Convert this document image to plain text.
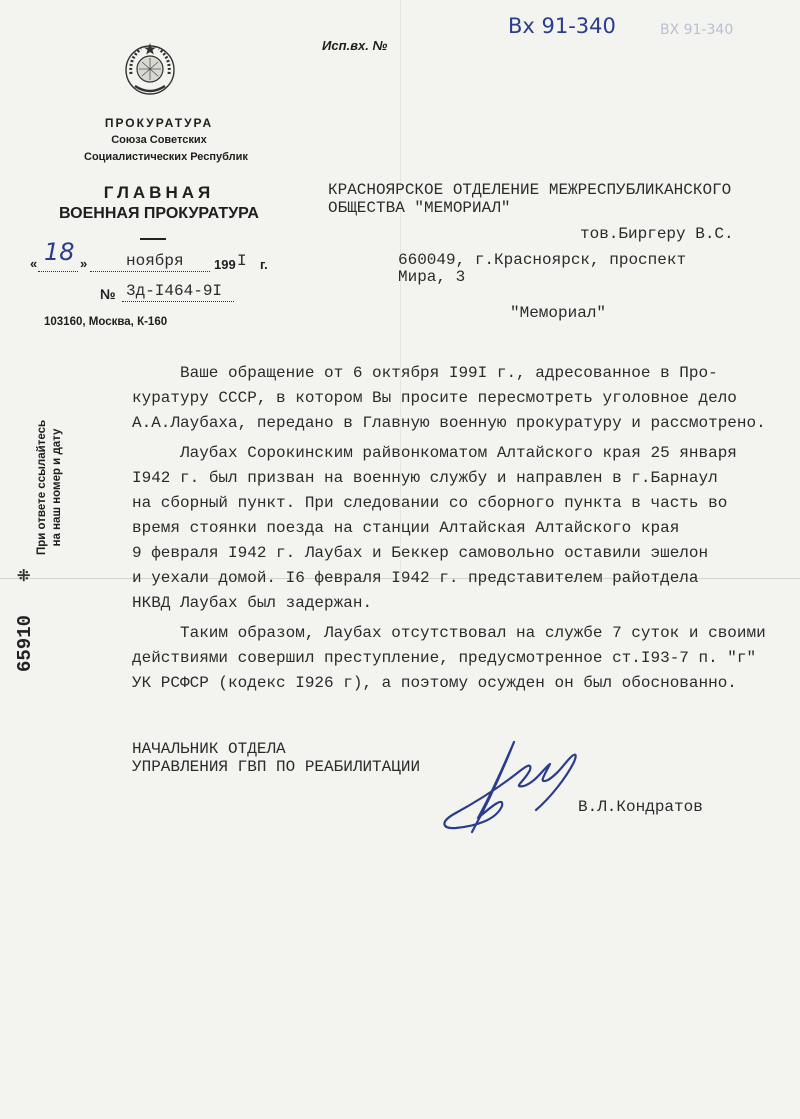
ПРОКУРАТУРА
Союза Советских
Социалистических Республик
ГЛАВНАЯ
ВОЕННАЯ ПРОКУРАТУРА
« 18 » ноября 199 I г.
№ 3д-I464-9I
103160, Москва, К-160
Исп.вх. №
Вх 91-340	ВХ 91-340
КРАСНОЯРСКОЕ ОТДЕЛЕНИЕ МЕЖРЕСПУБЛИКАНСКОГО
ОБЩЕСТВА "МЕМОРИАЛ"
тов.Биргеру В.С.
660049, г.Красноярск, проспект
Мира, 3
"Мемориал"
При ответе ссылайтесь на наш номер и дату
⁜
65910
Ваше обращение от 6 октября I99I г., адресованное в Про-
куратуру СССР, в котором Вы просите пересмотреть уголовное дело
А.А.Лаубаха, передано в Главную военную прокуратуру и рассмотрено.
Лаубах Сорокинским райвонкоматом Алтайского края 25 января
I942 г. был призван на военную службу и направлен в г.Барнаул
на сборный пункт. При следовании со сборного пункта в часть во
время стоянки поезда на станции Алтайская Алтайского края
9 февраля I942 г. Лаубах и Беккер самовольно оставили эшелон
и уехали домой. I6 февраля I942 г. представителем райотдела
НКВД Лаубах был задержан.
Таким образом, Лаубах отсутствовал на службе 7 суток и своими
действиями совершил преступление, предусмотренное ст.I93-7 п. "г"
УК РСФСР (кодекс I926 г), а поэтому осужден он был обоснованно.
НАЧАЛЬНИК ОТДЕЛА
УПРАВЛЕНИЯ ГВП ПО РЕАБИЛИТАЦИИ
В.Л.Кондратов
